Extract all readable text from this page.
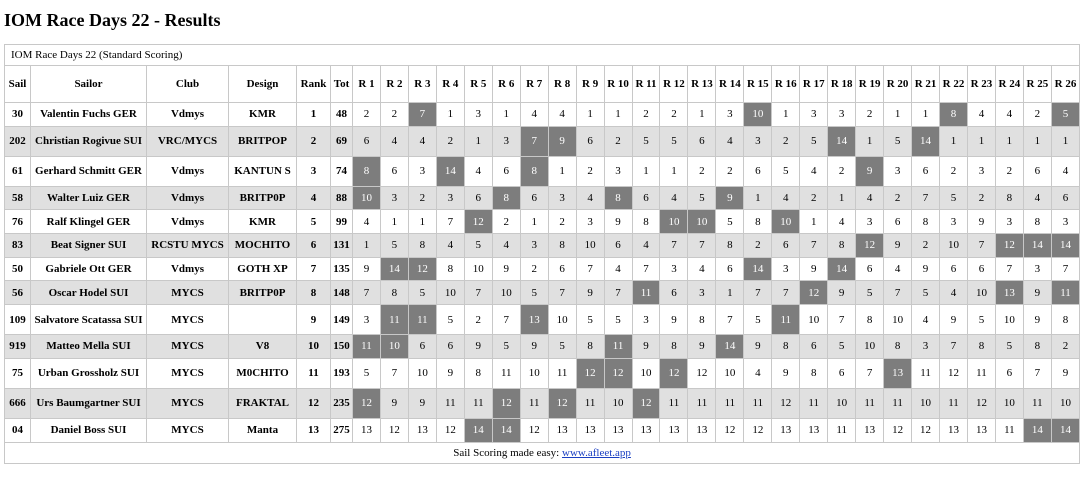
IOM Race Days 22 - Results
IOM Race Days 22 (Standard Scoring)																															
Sail	Sailor	Club	Design	Rank	Tot	R 1	R 2	R 3	R 4	R 5	R 6	R 7	R 8	R 9	R 10	R 11	R 12	R 13	R 14	R 15	R 16	R 17	R 18	R 19	R 20	R 21	R 22	R 23	R 24	R 25	R 26
30	Valentin Fuchs GER	Vdmys	KMR	1	48	2	2	7	1	3	1	4	4	1	1	2	2	1	3	10	1	3	3	2	1	1	8	4	4	2	5
202	Christian Rogivue SUI	VRC/MYCS	BRITPOP	2	69	6	4	4	2	1	3	7	9	6	2	5	5	6	4	3	2	5	14	1	5	14	1	1	1	1	1
61	Gerhard Schmitt GER	Vdmys	KANTUN S	3	74	8	6	3	14	4	6	8	1	2	3	1	1	2	2	6	5	4	2	9	3	6	2	3	2	6	4
58	Walter Luiz GER	Vdmys	BRITP0P	4	88	10	3	2	3	6	8	6	3	4	8	6	4	5	9	1	4	2	1	4	2	7	5	2	8	4	6
76	Ralf Klingel GER	Vdmys	KMR	5	99	4	1	1	7	12	2	1	2	3	9	8	10	10	5	8	10	1	4	3	6	8	3	9	3	8	3
83	Beat Signer SUI	RCSTU MYCS	MOCHITO	6	131	1	5	8	4	5	4	3	8	10	6	4	7	7	8	2	6	7	8	12	9	2	10	7	12	14	14
50	Gabriele Ott GER	Vdmys	GOTH XP	7	135	9	14	12	8	10	9	2	6	7	4	7	3	4	6	14	3	9	14	6	4	9	6	6	7	3	7
56	Oscar Hodel SUI	MYCS	BRITP0P	8	148	7	8	5	10	7	10	5	7	9	7	11	6	3	1	7	7	12	9	5	7	5	4	10	13	9	11
109	Salvatore Scatassa SUI	MYCS		9	149	3	11	11	5	2	7	13	10	5	5	3	9	8	7	5	11	10	7	8	10	4	9	5	10	9	8
919	Matteo Mella SUI	MYCS	V8	10	150	11	10	6	6	9	5	9	5	8	11	9	8	9	14	9	8	6	5	10	8	3	7	8	5	8	2
75	Urban Grossholz SUI	MYCS	M0CHITO	11	193	5	7	10	9	8	11	10	11	12	12	10	12	12	10	4	9	8	6	7	13	11	12	11	6	7	9
666	Urs Baumgartner SUI	MYCS	FRAKTAL	12	235	12	9	9	11	11	12	11	12	11	10	12	11	11	11	11	12	11	10	11	11	10	11	12	10	11	10
04	Daniel Boss SUI	MYCS	Manta	13	275	13	12	13	12	14	14	12	13	13	13	13	13	13	12	12	13	13	11	13	12	12	13	13	11	14	14
Sail Scoring made easy: www.afleet.app																															
